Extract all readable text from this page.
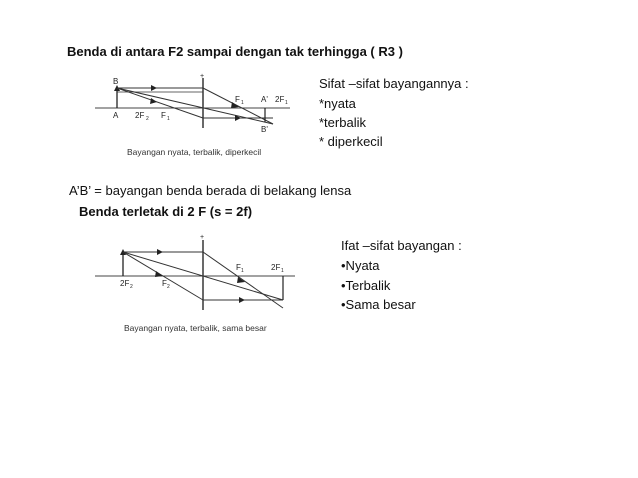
Benda di antara F2 sampai dengan tak terhingga ( R3 )
Sifat –sifat bayangannya :
*nyata
*terbalik
* diperkecil
+
B
A 2F 2 F 1
F 1 A' 2F 1
B'
Bayangan nyata, terbalik, diperkecil
A’B’ = bayangan benda berada di belakang lensa
Benda terletak di 2 F (s = 2f)
Ifat –sifat bayangan :
•Nyata
•Terbalik
•Sama besar
+
2F 2	F 2
F 1	2F 1
Bayangan nyata, terbalik, sama besar
